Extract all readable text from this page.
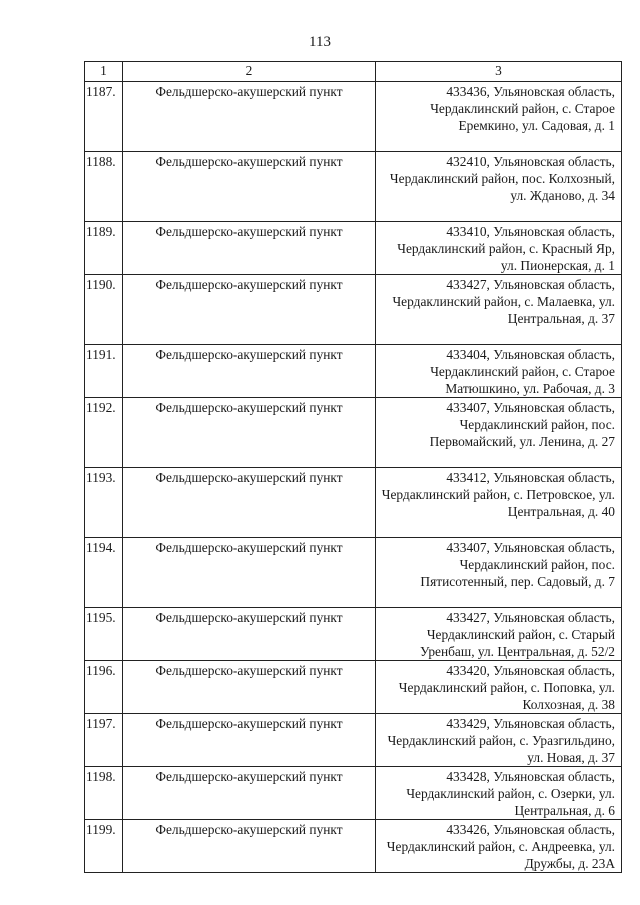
113
1	2	3
1187.	Фельдшерско-акушерский пункт	433436, Ульяновская область, Чердаклинский район, с. Старое Еремкино, ул. Садовая, д. 1
1188.	Фельдшерско-акушерский пункт	432410, Ульяновская область, Чердаклинский район, пос. Колхозный, ул. Жданово, д. 34
1189.	Фельдшерско-акушерский пункт	433410, Ульяновская область, Чердаклинский район, с. Красный Яр, ул. Пионерская, д. 1
1190.	Фельдшерско-акушерский пункт	433427, Ульяновская область, Чердаклинский район, с. Малаевка, ул. Центральная, д. 37
1191.	Фельдшерско-акушерский пункт	433404, Ульяновская область, Чердаклинский район, с. Старое Матюшкино, ул. Рабочая, д. 3
1192.	Фельдшерско-акушерский пункт	433407, Ульяновская область, Чердаклинский район, пос. Первомайский, ул. Ленина, д. 27
1193.	Фельдшерско-акушерский пункт	433412, Ульяновская область, Чердаклинский район, с. Петровское, ул. Центральная, д. 40
1194.	Фельдшерско-акушерский пункт	433407, Ульяновская область, Чердаклинский район, пос. Пятисотенный, пер. Садовый, д. 7
1195.	Фельдшерско-акушерский пункт	433427, Ульяновская область, Чердаклинский район, с. Старый Уренбаш, ул. Центральная, д. 52/2
1196.	Фельдшерско-акушерский пункт	433420, Ульяновская область, Чердаклинский район, с. Поповка, ул. Колхозная, д. 38
1197.	Фельдшерско-акушерский пункт	433429, Ульяновская область, Чердаклинский район, с. Уразгильдино, ул. Новая, д. 37
1198.	Фельдшерско-акушерский пункт	433428, Ульяновская область, Чердаклинский район, с. Озерки, ул. Центральная, д. 6
1199.	Фельдшерско-акушерский пункт	433426, Ульяновская область, Чердаклинский район, с. Андреевка, ул. Дружбы, д. 23А
